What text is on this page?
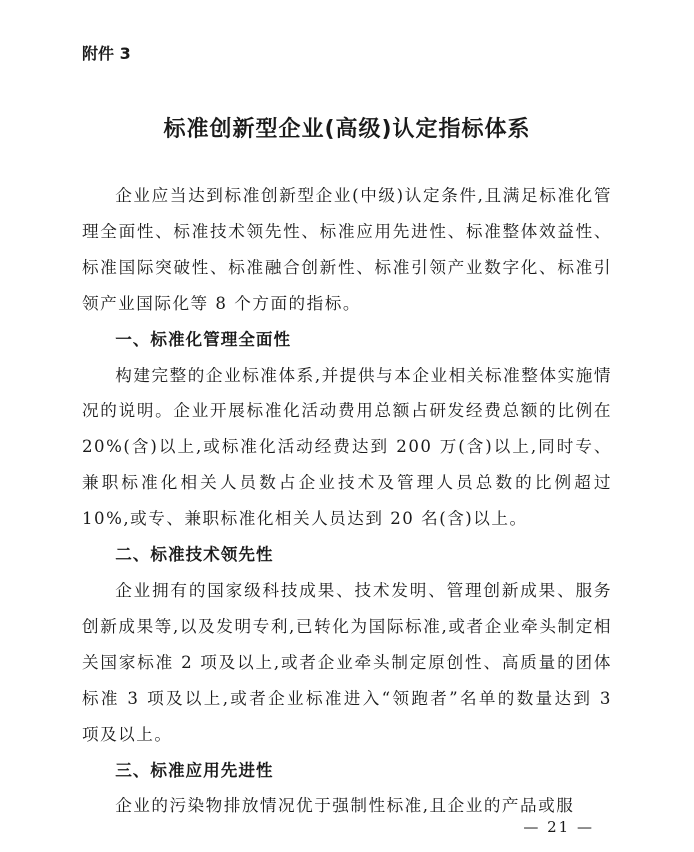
附件 3
标准创新型企业(高级)认定指标体系

企业应当达到标准创新型企业(中级)认定条件,且满足标准化管理全面性、标准技术领先性、标准应用先进性、标准整体效益性、标准国际突破性、标准融合创新性、标准引领产业数字化、标准引领产业国际化等 8 个方面的指标。

一、标准化管理全面性

构建完整的企业标准体系,并提供与本企业相关标准整体实施情况的说明。企业开展标准化活动费用总额占研发经费总额的比例在 20%(含)以上,或标准化活动经费达到 200 万(含)以上,同时专、兼职标准化相关人员数占企业技术及管理人员总数的比例超过 10%,或专、兼职标准化相关人员达到 20 名(含)以上。

二、标准技术领先性

企业拥有的国家级科技成果、技术发明、管理创新成果、服务创新成果等,以及发明专利,已转化为国际标准,或者企业牵头制定相关国家标准 2 项及以上,或者企业牵头制定原创性、高质量的团体标准 3 项及以上,或者企业标准进入“领跑者”名单的数量达到 3 项及以上。

三、标准应用先进性

企业的污染物排放情况优于强制性标准,且企业的产品或服

— 21 —
